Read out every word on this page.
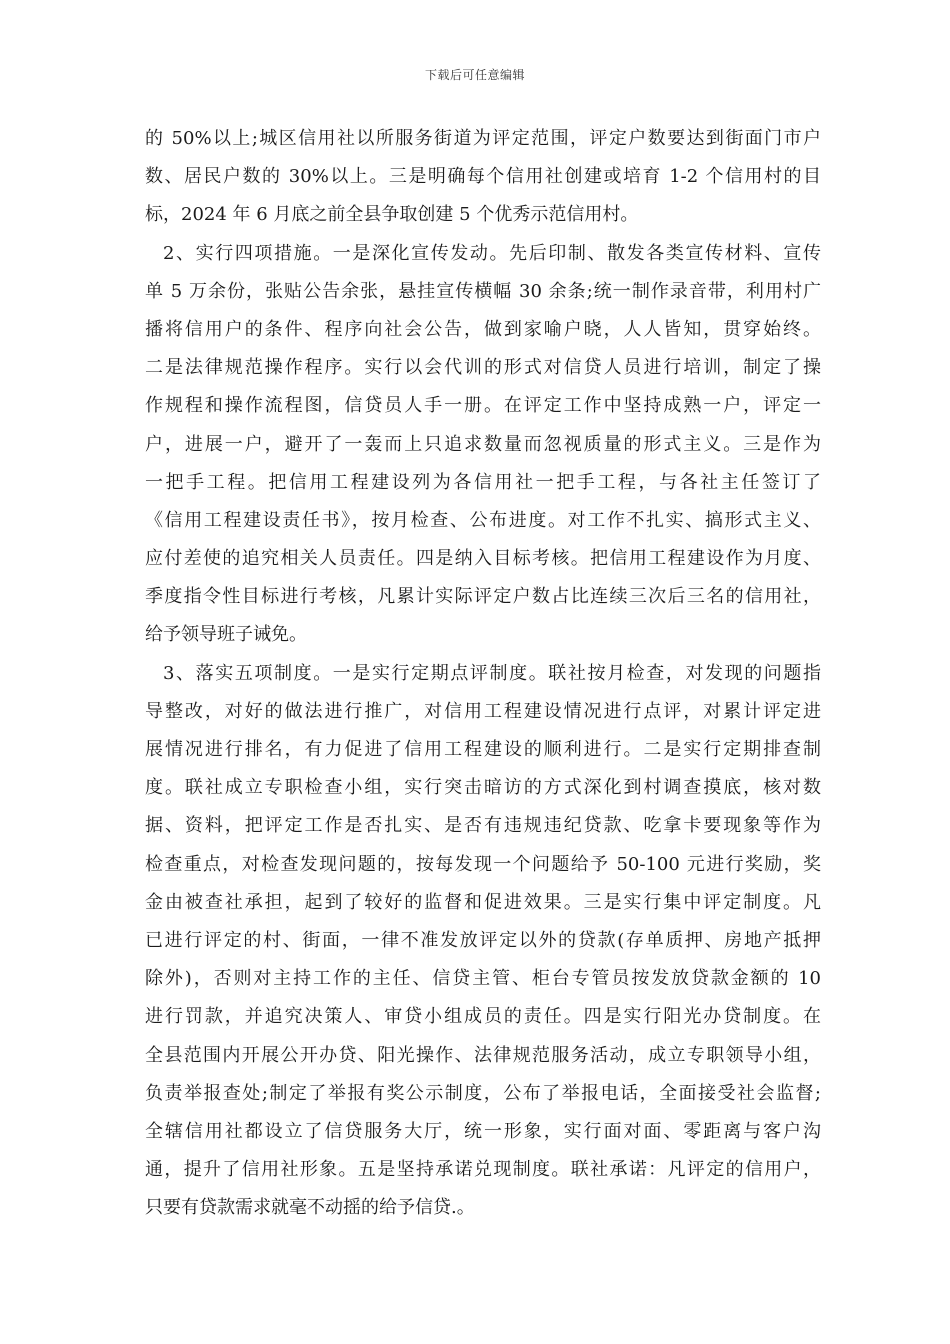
下载后可任意编辑
的 50%以上;城区信用社以所服务街道为评定范围，评定户数要达到街面门市户
数、居民户数的 30%以上。三是明确每个信用社创建或培育 1-2 个信用村的目
标，2024 年 6 月底之前全县争取创建 5 个优秀示范信用村。
2、实行四项措施。一是深化宣传发动。先后印制、散发各类宣传材料、宣传
单 5 万余份，张贴公告余张，悬挂宣传横幅 30 余条;统一制作录音带，利用村广
播将信用户的条件、程序向社会公告，做到家喻户晓，人人皆知，贯穿始终。
二是法律规范操作程序。实行以会代训的形式对信贷人员进行培训，制定了操
作规程和操作流程图，信贷员人手一册。在评定工作中坚持成熟一户，评定一
户，进展一户，避开了一轰而上只追求数量而忽视质量的形式主义。三是作为
一把手工程。把信用工程建设列为各信用社一把手工程，与各社主任签订了
《信用工程建设责任书》，按月检查、公布进度。对工作不扎实、搞形式主义、
应付差使的追究相关人员责任。四是纳入目标考核。把信用工程建设作为月度、
季度指令性目标进行考核，凡累计实际评定户数占比连续三次后三名的信用社，
给予领导班子诫免。
3、落实五项制度。一是实行定期点评制度。联社按月检查，对发现的问题指
导整改，对好的做法进行推广，对信用工程建设情况进行点评，对累计评定进
展情况进行排名，有力促进了信用工程建设的顺利进行。二是实行定期排查制
度。联社成立专职检查小组，实行突击暗访的方式深化到村调查摸底，核对数
据、资料，把评定工作是否扎实、是否有违规违纪贷款、吃拿卡要现象等作为
检查重点，对检查发现问题的，按每发现一个问题给予 50-100 元进行奖励，奖
金由被查社承担，起到了较好的监督和促进效果。三是实行集中评定制度。凡
已进行评定的村、街面，一律不准发放评定以外的贷款(存单质押、房地产抵押
除外)，否则对主持工作的主任、信贷主管、柜台专管员按发放贷款金额的 10
进行罚款，并追究决策人、审贷小组成员的责任。四是实行阳光办贷制度。在
全县范围内开展公开办贷、阳光操作、法律规范服务活动，成立专职领导小组，
负责举报查处;制定了举报有奖公示制度，公布了举报电话，全面接受社会监督;
全辖信用社都设立了信贷服务大厅，统一形象，实行面对面、零距离与客户沟
通，提升了信用社形象。五是坚持承诺兑现制度。联社承诺：凡评定的信用户，
只要有贷款需求就毫不动摇的给予信贷.。
